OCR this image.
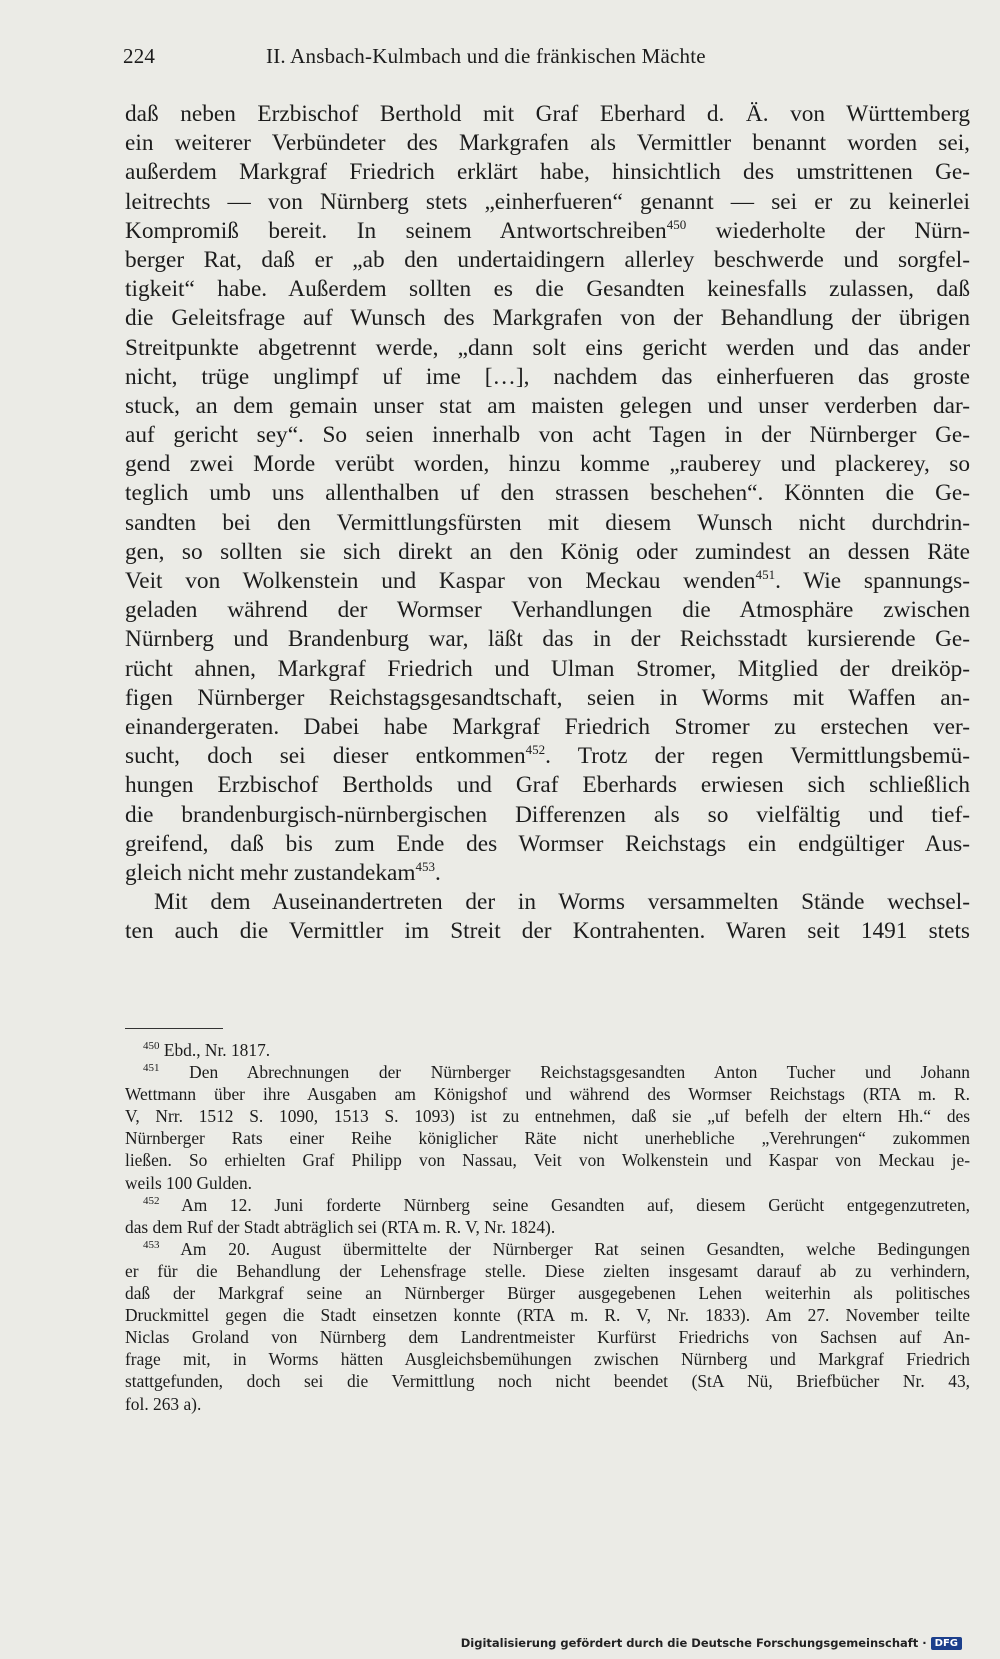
224	II. Ansbach-Kulmbach und die fränkischen Mächte
daß neben Erzbischof Berthold mit Graf Eberhard d. Ä. von Württemberg
ein weiterer Verbündeter des Markgrafen als Vermittler benannt worden sei,
außerdem Markgraf Friedrich erklärt habe, hinsichtlich des umstrittenen Ge-
leitrechts — von Nürnberg stets „einherfueren“ genannt — sei er zu keinerlei
Kompromiß bereit. In seinem Antwortschreiben$^{450}$ wiederholte der Nürn-
berger Rat, daß er „ab den undertaidingern allerley beschwerde und sorgfel-
tigkeit“ habe. Außerdem sollten es die Gesandten keinesfalls zulassen, daß
die Geleitsfrage auf Wunsch des Markgrafen von der Behandlung der übrigen
Streitpunkte abgetrennt werde, „dann solt eins gericht werden und das ander
nicht, trüge unglimpf uf ime […], nachdem das einherfueren das groste
stuck, an dem gemain unser stat am maisten gelegen und unser verderben dar-
auf gericht sey“. So seien innerhalb von acht Tagen in der Nürnberger Ge-
gend zwei Morde verübt worden, hinzu komme „rauberey und plackerey, so
teglich umb uns allenthalben uf den strassen beschehen“. Könnten die Ge-
sandten bei den Vermittlungsfürsten mit diesem Wunsch nicht durchdrin-
gen, so sollten sie sich direkt an den König oder zumindest an dessen Räte
Veit von Wolkenstein und Kaspar von Meckau wenden$^{451}$. Wie spannungs-
geladen während der Wormser Verhandlungen die Atmosphäre zwischen
Nürnberg und Brandenburg war, läßt das in der Reichsstadt kursierende Ge-
rücht ahnen, Markgraf Friedrich und Ulman Stromer, Mitglied der dreiköp-
figen Nürnberger Reichstagsgesandtschaft, seien in Worms mit Waffen an-
einandergeraten. Dabei habe Markgraf Friedrich Stromer zu erstechen ver-
sucht, doch sei dieser entkommen$^{452}$. Trotz der regen Vermittlungsbemü-
hungen Erzbischof Bertholds und Graf Eberhards erwiesen sich schließlich
die brandenburgisch-nürnbergischen Differenzen als so vielfältig und tief-
greifend, daß bis zum Ende des Wormser Reichstags ein endgültiger Aus-
gleich nicht mehr zustandekam$^{453}$.
Mit dem Auseinandertreten der in Worms versammelten Stände wechsel-
ten auch die Vermittler im Streit der Kontrahenten. Waren seit 1491 stets
$^{450}$ Ebd., Nr. 1817.
$^{451}$ Den Abrechnungen der Nürnberger Reichstagsgesandten Anton Tucher und Johann
Wettmann über ihre Ausgaben am Königshof und während des Wormser Reichstags (RTA m. R.
V, Nrr. 1512 S. 1090, 1513 S. 1093) ist zu entnehmen, daß sie „uf befelh der eltern Hh.“ des
Nürnberger Rats einer Reihe königlicher Räte nicht unerhebliche „Verehrungen“ zukommen
ließen. So erhielten Graf Philipp von Nassau, Veit von Wolkenstein und Kaspar von Meckau je-
weils 100 Gulden.
$^{452}$ Am 12. Juni forderte Nürnberg seine Gesandten auf, diesem Gerücht entgegenzutreten,
das dem Ruf der Stadt abträglich sei (RTA m. R. V, Nr. 1824).
$^{453}$ Am 20. August übermittelte der Nürnberger Rat seinen Gesandten, welche Bedingungen
er für die Behandlung der Lehensfrage stelle. Diese zielten insgesamt darauf ab zu verhindern,
daß der Markgraf seine an Nürnberger Bürger ausgegebenen Lehen weiterhin als politisches
Druckmittel gegen die Stadt einsetzen konnte (RTA m. R. V, Nr. 1833). Am 27. November teilte
Niclas Groland von Nürnberg dem Landrentmeister Kurfürst Friedrichs von Sachsen auf An-
frage mit, in Worms hätten Ausgleichsbemühungen zwischen Nürnberg und Markgraf Friedrich
stattgefunden, doch sei die Vermittlung noch nicht beendet (StA Nü, Briefbücher Nr. 43,
fol. 263 a).
Digitalisierung gefördert durch die Deutsche Forschungsgemeinschaft · DFG
